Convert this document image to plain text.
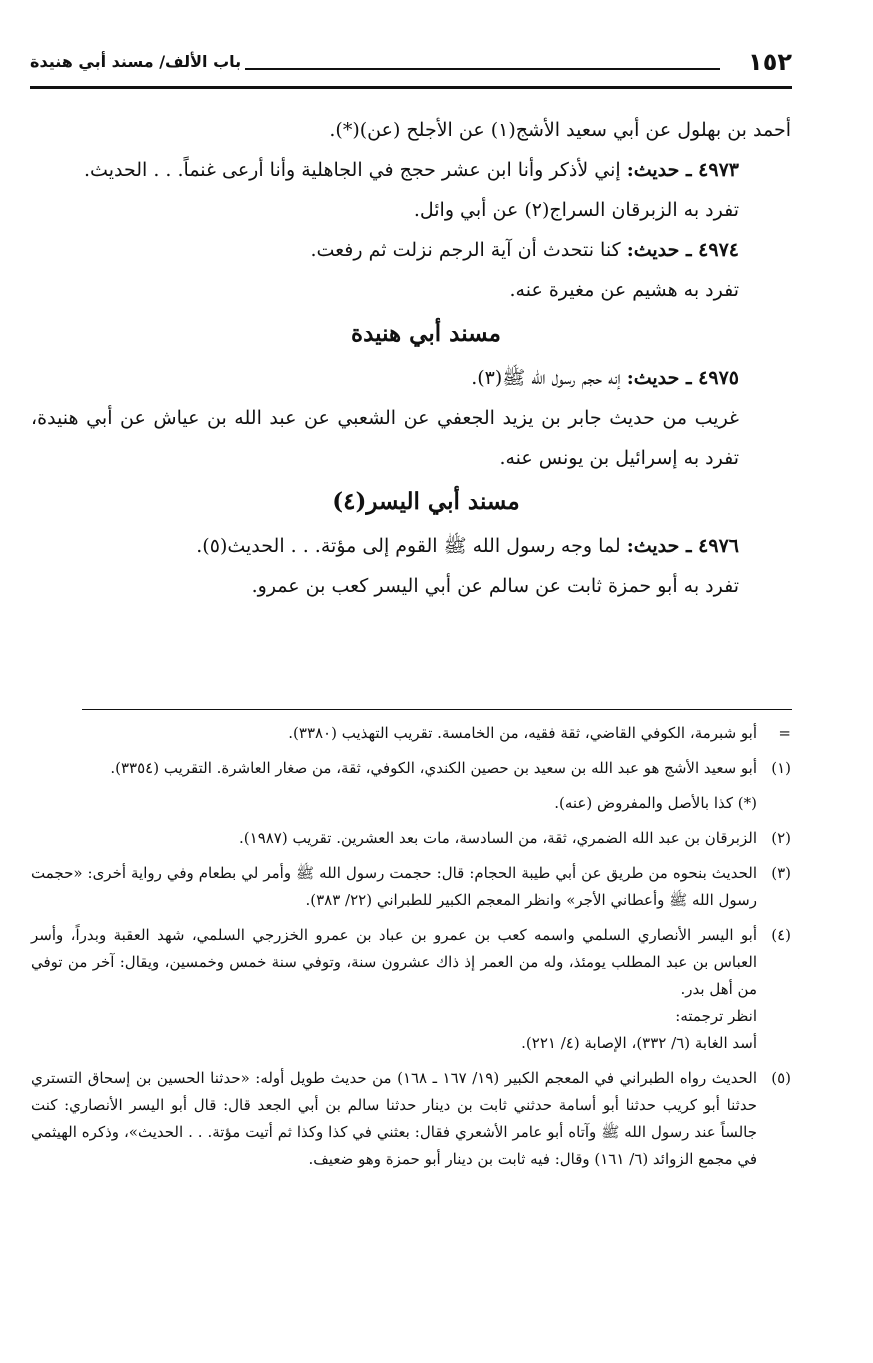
١٥٢
باب الألف/ مسند أبي هنيدة

أحمد بن بهلول عن أبي سعيد الأشج(١) عن الأجلح (عن)(*).

٤٩٧٣ ـ حديث: إني لأذكر وأنا ابن عشر حجج في الجاهلية وأنا أرعى غنماً. . . الحديث.

تفرد به الزبرقان السراج(٢) عن أبي وائل.

٤٩٧٤ ـ حديث: كنا نتحدث أن آية الرجم نزلت ثم رفعت.

تفرد به هشيم عن مغيرة عنه.

مسند أبي هنيدة

٤٩٧٥ ـ حديث: إنه حجم رسول الله ﷺ(٣).

غريب من حديث جابر بن يزيد الجعفي عن الشعبي عن عبد الله بن عياش عن أبي هنيدة، تفرد به إسرائيل بن يونس عنه.

مسند أبي اليسر(٤)

٤٩٧٦ ـ حديث: لما وجه رسول الله ﷺ القوم إلى مؤتة. . . الحديث(٥).

تفرد به أبو حمزة ثابت عن سالم عن أبي اليسر كعب بن عمرو.

=
أبو شبرمة، الكوفي القاضي، ثقة فقيه، من الخامسة. تقريب التهذيب (٣٣٨٠).
(١)
أبو سعيد الأشج هو عبد الله بن سعيد بن حصين الكندي، الكوفي، ثقة، من صغار العاشرة. التقريب (٣٣٥٤).
(*) كذا بالأصل والمفروض (عنه).
(٢)
الزبرقان بن عبد الله الضمري، ثقة، من السادسة، مات بعد العشرين. تقريب (١٩٨٧).
(٣)
الحديث بنحوه من طريق عن أبي طيبة الحجام: قال: حجمت رسول الله ﷺ وأمر لي بطعام وفي رواية أخرى: «حجمت رسول الله ﷺ وأعطاني الأجر» وانظر المعجم الكبير للطبراني (٢٢/ ٣٨٣).
(٤)
أبو اليسر الأنصاري السلمي واسمه كعب بن عمرو بن عباد بن عمرو الخزرجي السلمي، شهد العقبة وبدراً، وأسر العباس بن عبد المطلب يومئذ، وله من العمر إذ ذاك عشرون سنة، وتوفي سنة خمس وخمسين، ويقال: آخر من توفي من أهل بدر.
انظر ترجمته:
أسد الغابة (٦/ ٣٣٢)، الإصابة (٤/ ٢٢١).
(٥)
الحديث رواه الطبراني في المعجم الكبير (١٩/ ١٦٧ ـ ١٦٨) من حديث طويل أوله: «حدثنا الحسين بن إسحاق التستري حدثنا أبو كريب حدثنا أبو أسامة حدثني ثابت بن دينار حدثنا سالم بن أبي الجعد قال: قال أبو اليسر الأنصاري: كنت جالساً عند رسول الله ﷺ وآتاه أبو عامر الأشعري فقال: بعثني في كذا وكذا ثم أتيت مؤتة. . . الحديث»، وذكره الهيثمي في مجمع الزوائد (٦/ ١٦١) وقال: فيه ثابت بن دينار أبو حمزة وهو ضعيف.
